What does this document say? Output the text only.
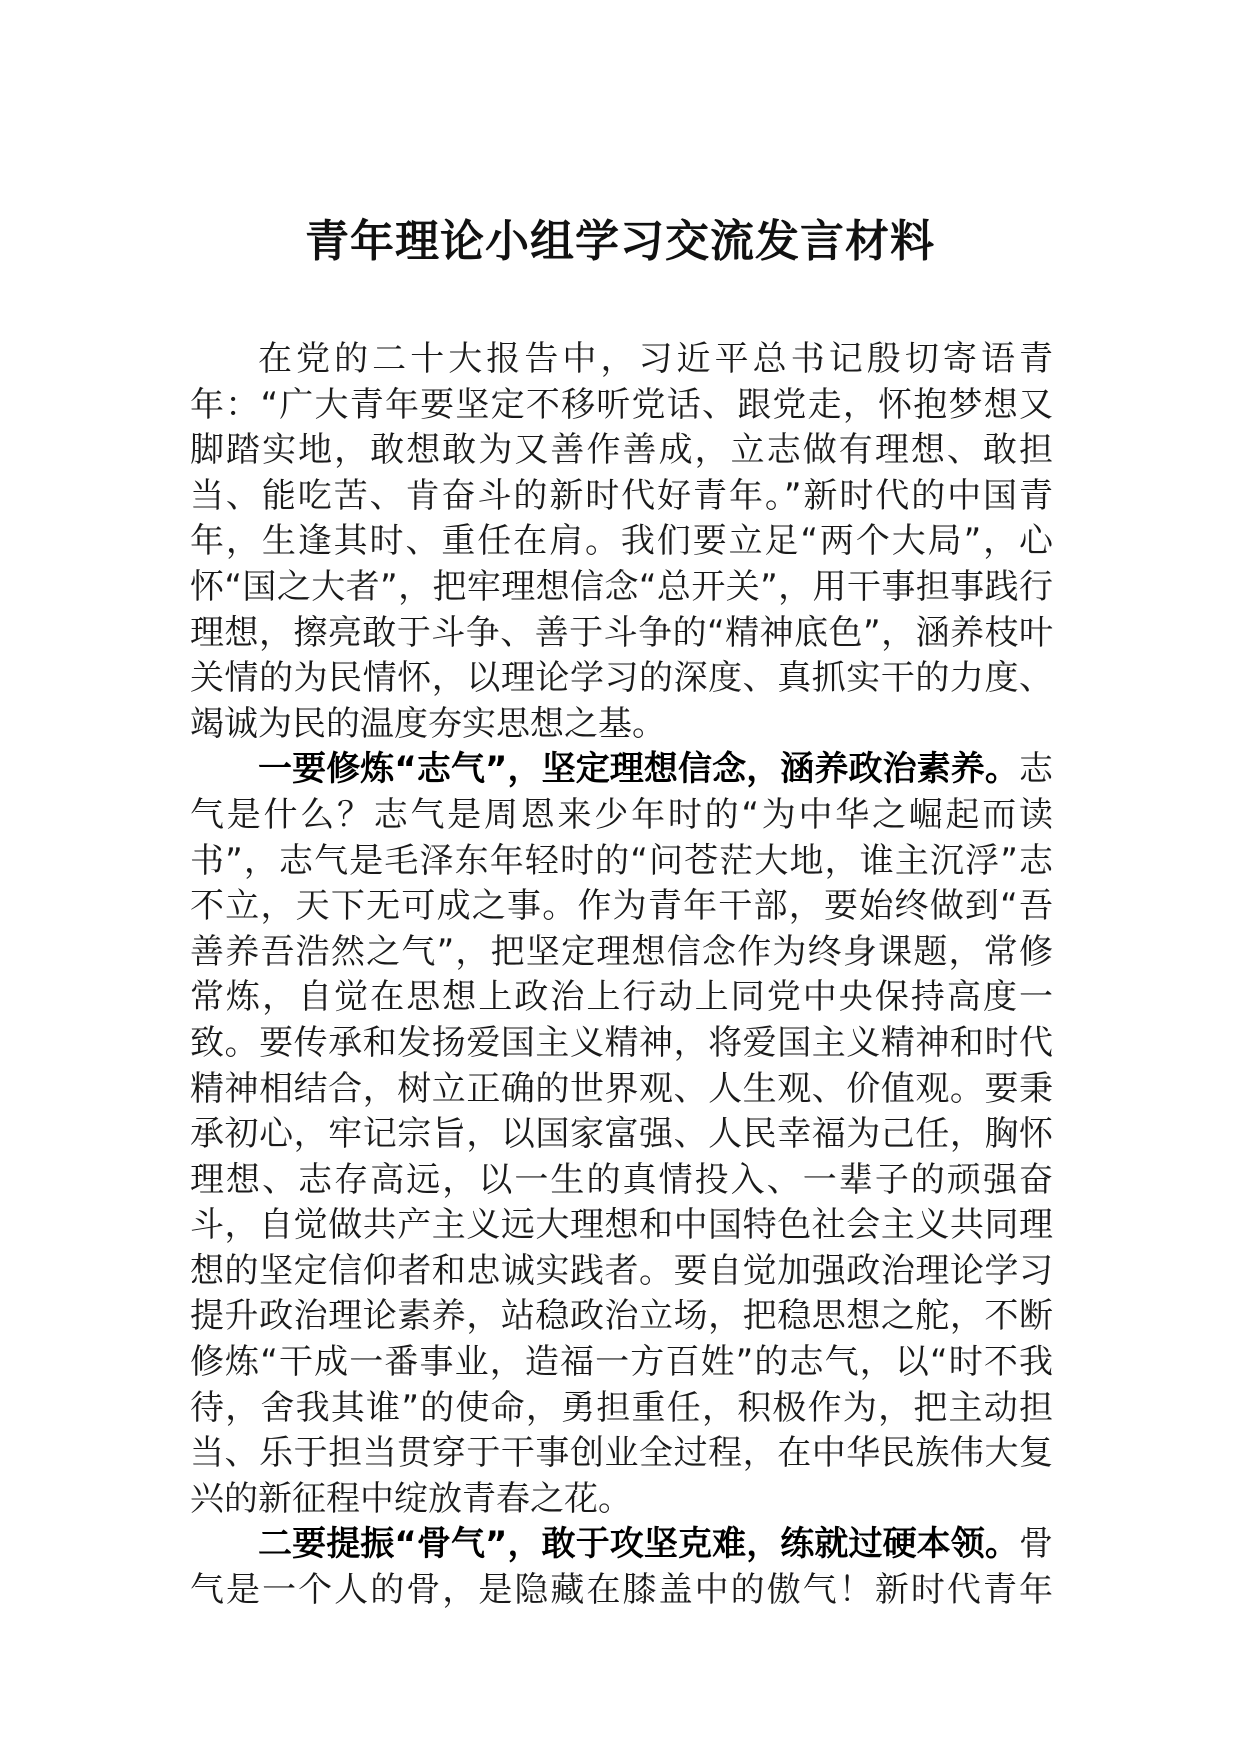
青年理论小组学习交流发言材料

在党的二十大报告中，习近平总书记殷切寄语青年：“广大青年要坚定不移听党话、跟党走，怀抱梦想又脚踏实地，敢想敢为又善作善成，立志做有理想、敢担当、能吃苦、肯奋斗的新时代好青年。”新时代的中国青年，生逢其时、重任在肩。我们要立足“两个大局”，心怀“国之大者”，把牢理想信念“总开关”，用干事担事践行理想，擦亮敢于斗争、善于斗争的“精神底色”，涵养枝叶关情的为民情怀，以理论学习的深度、真抓实干的力度、竭诚为民的温度夯实思想之基。

一要修炼“志气”，坚定理想信念，涵养政治素养。志气是什么？志气是周恩来少年时的“为中华之崛起而读书”，志气是毛泽东年轻时的“问苍茫大地，谁主沉浮”志不立，天下无可成之事。作为青年干部，要始终做到“吾善养吾浩然之气”，把坚定理想信念作为终身课题，常修常炼，自觉在思想上政治上行动上同党中央保持高度一致。要传承和发扬爱国主义精神，将爱国主义精神和时代精神相结合，树立正确的世界观、人生观、价值观。要秉承初心，牢记宗旨，以国家富强、人民幸福为己任，胸怀理想、志存高远，以一生的真情投入、一辈子的顽强奋斗，自觉做共产主义远大理想和中国特色社会主义共同理想的坚定信仰者和忠诚实践者。要自觉加强政治理论学习提升政治理论素养，站稳政治立场，把稳思想之舵，不断修炼“干成一番事业，造福一方百姓”的志气，以“时不我待，舍我其谁”的使命，勇担重任，积极作为，把主动担当、乐于担当贯穿于干事创业全过程，在中华民族伟大复兴的新征程中绽放青春之花。

二要提振“骨气”，敢于攻坚克难，练就过硬本领。骨气是一个人的骨，是隐藏在膝盖中的傲气！新时代青年
